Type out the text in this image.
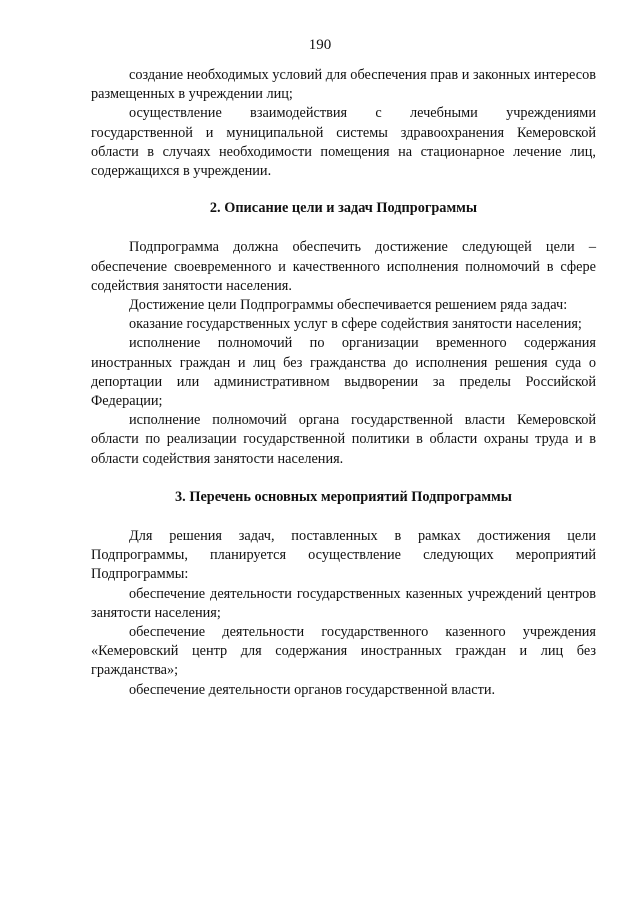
190

создание необходимых условий для обеспечения прав и законных интересов размещенных в учреждении лиц;

осуществление взаимодействия с лечебными учреждениями государственной и муниципальной системы здравоохранения Кемеровской области в случаях необходимости помещения на стационарное лечение лиц, содержащихся в учреждении.

2. Описание цели и задач Подпрограммы

Подпрограмма должна обеспечить достижение следующей цели – обеспечение своевременного и качественного исполнения полномочий в сфере содействия занятости населения.

Достижение цели Подпрограммы обеспечивается решением ряда задач:

оказание государственных услуг в сфере содействия занятости населения;

исполнение полномочий по организации временного содержания иностранных граждан и лиц без гражданства до исполнения решения суда о депортации или административном выдворении за пределы Российской Федерации;

исполнение полномочий органа государственной власти Кемеровской области по реализации государственной политики в области охраны труда и в области содействия занятости населения.

3. Перечень основных мероприятий Подпрограммы

Для решения задач, поставленных в рамках достижения цели Подпрограммы, планируется осуществление следующих мероприятий Подпрограммы:

обеспечение деятельности государственных казенных учреждений центров занятости населения;

обеспечение деятельности государственного казенного учреждения «Кемеровский центр для содержания иностранных граждан и лиц без гражданства»;

обеспечение деятельности органов государственной власти.
